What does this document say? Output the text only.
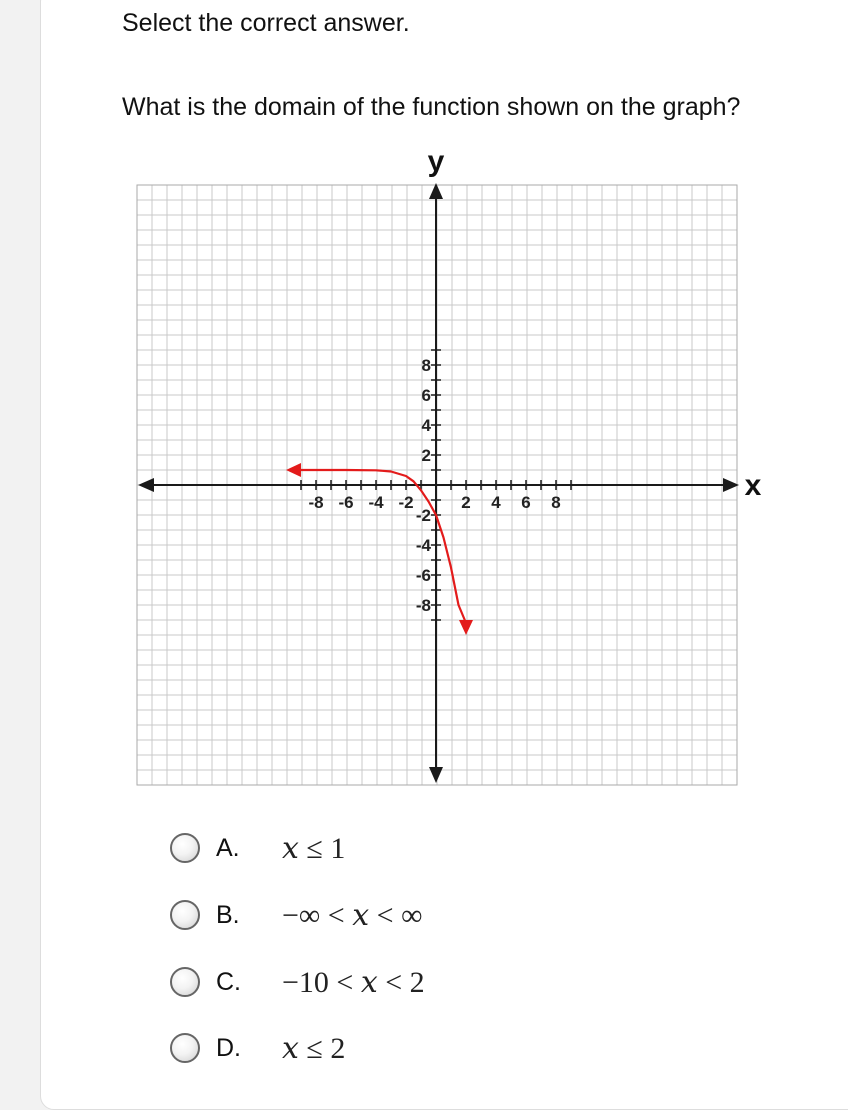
Select the correct answer.
What is the domain of the function shown on the graph?
-8 -6 -4 -2	2 4 6 8
8
6
4
2
-2
-4
-6
-8
x
y
A. 𝑥 ≤ 1
B. −∞ < 𝑥 < ∞
C. −10 < 𝑥 < 2
D. 𝑥 ≤ 2
